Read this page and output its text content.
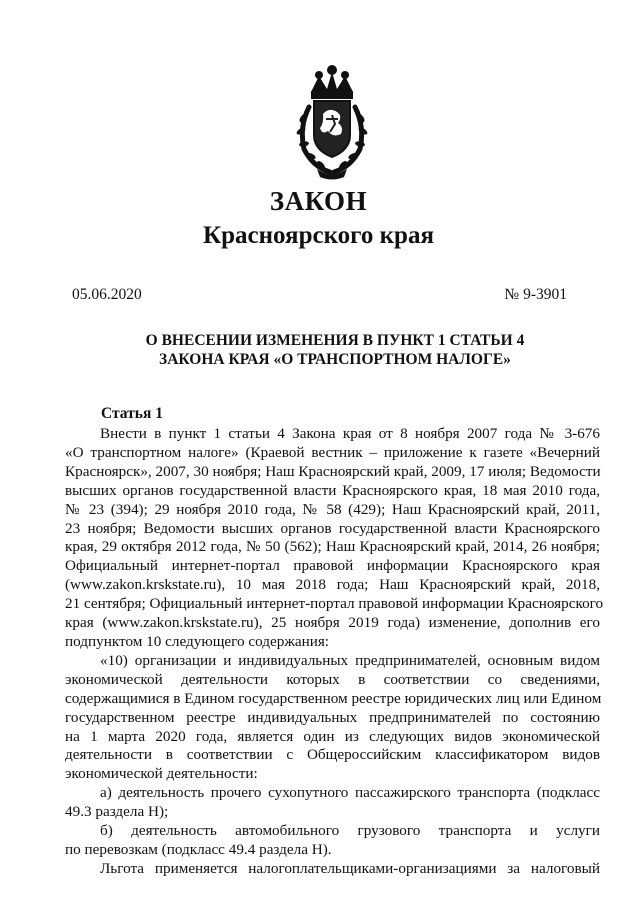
ЗАКОН
Красноярского края
05.06.2020	№ 9-3901
О ВНЕСЕНИИ ИЗМЕНЕНИЯ В ПУНКТ 1 СТАТЬИ 4
ЗАКОНА КРАЯ «О ТРАНСПОРТНОМ НАЛОГЕ»
Статья 1
Внести в пункт 1 статьи 4 Закона края от 8 ноября 2007 года № 3-676
«О транспортном налоге» (Краевой вестник – приложение к газете «Вечерний
Красноярск», 2007, 30 ноября; Наш Красноярский край, 2009, 17 июля; Ведомости
высших органов государственной власти Красноярского края, 18 мая 2010 года,
№ 23 (394); 29 ноября 2010 года, № 58 (429); Наш Красноярский край, 2011,
23 ноября; Ведомости высших органов государственной власти Красноярского
края, 29 октября 2012 года, № 50 (562); Наш Красноярский край, 2014, 26 ноября;
Официальный интернет-портал правовой информации Красноярского края
(www.zakon.krskstate.ru), 10 мая 2018 года; Наш Красноярский край, 2018,
21 сентября; Официальный интернет-портал правовой информации Красноярского
края (www.zakon.krskstate.ru), 25 ноября 2019 года) изменение, дополнив его
подпунктом 10 следующего содержания:
«10) организации и индивидуальных предпринимателей, основным видом
экономической деятельности которых в соответствии со сведениями,
содержащимися в Едином государственном реестре юридических лиц или Едином
государственном реестре индивидуальных предпринимателей по состоянию
на 1 марта 2020 года, является один из следующих видов экономической
деятельности в соответствии с Общероссийским классификатором видов
экономической деятельности:
а) деятельность прочего сухопутного пассажирского транспорта (подкласс
49.3 раздела Н);
б) деятельность автомобильного грузового транспорта и услуги
по перевозкам (подкласс 49.4 раздела Н).
Льгота применяется налогоплательщиками-организациями за налоговый
